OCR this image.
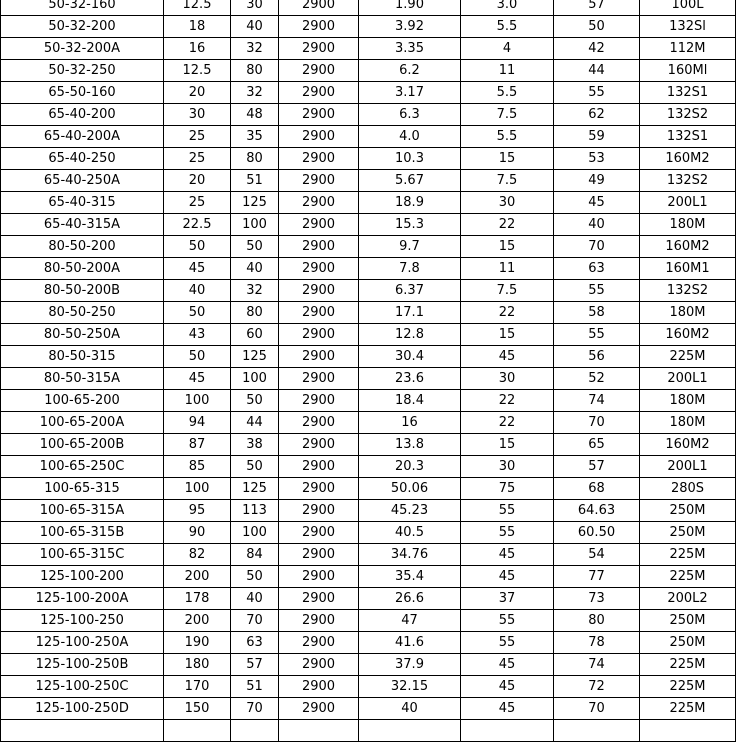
50-32-160	12.5	30	2900	1.90	3.0	57	100L
50-32-200	18	40	2900	3.92	5.5	50	132Sl
50-32-200A	16	32	2900	3.35	4	42	112M
50-32-250	12.5	80	2900	6.2	11	44	160Ml
65-50-160	20	32	2900	3.17	5.5	55	132S1
65-40-200	30	48	2900	6.3	7.5	62	132S2
65-40-200A	25	35	2900	4.0	5.5	59	132S1
65-40-250	25	80	2900	10.3	15	53	160M2
65-40-250A	20	51	2900	5.67	7.5	49	132S2
65-40-315	25	125	2900	18.9	30	45	200L1
65-40-315A	22.5	100	2900	15.3	22	40	180M
80-50-200	50	50	2900	9.7	15	70	160M2
80-50-200A	45	40	2900	7.8	11	63	160M1
80-50-200B	40	32	2900	6.37	7.5	55	132S2
80-50-250	50	80	2900	17.1	22	58	180M
80-50-250A	43	60	2900	12.8	15	55	160M2
80-50-315	50	125	2900	30.4	45	56	225M
80-50-315A	45	100	2900	23.6	30	52	200L1
100-65-200	100	50	2900	18.4	22	74	180M
100-65-200A	94	44	2900	16	22	70	180M
100-65-200B	87	38	2900	13.8	15	65	160M2
100-65-250C	85	50	2900	20.3	30	57	200L1
100-65-315	100	125	2900	50.06	75	68	280S
100-65-315A	95	113	2900	45.23	55	64.63	250M
100-65-315B	90	100	2900	40.5	55	60.50	250M
100-65-315C	82	84	2900	34.76	45	54	225M
125-100-200	200	50	2900	35.4	45	77	225M
125-100-200A	178	40	2900	26.6	37	73	200L2
125-100-250	200	70	2900	47	55	80	250M
125-100-250A	190	63	2900	41.6	55	78	250M
125-100-250B	180	57	2900	37.9	45	74	225M
125-100-250C	170	51	2900	32.15	45	72	225M
125-100-250D	150	70	2900	40	45	70	225M
